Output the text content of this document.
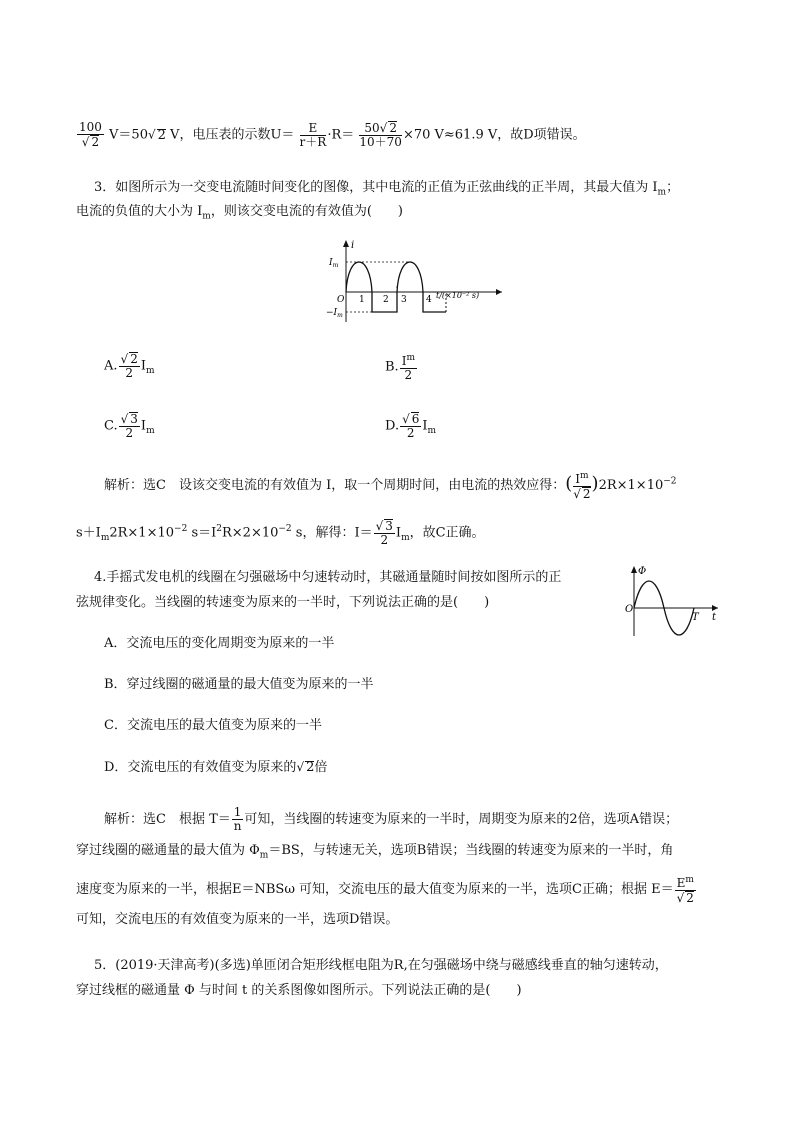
$\frac{100}{√ 2} V=50√$ 2 V，电压表的示数$U= \frac{E}{r+R} \cdot R= \frac{50√ 2}{10+70} \times 70$ V≈61.9 V，故D项错误。
3．如图所示为一交变电流随时间变化的图像，其中电流的正值为正弦曲线的正半周，其最大值为 $I_m$；
电流的负值的大小为 $I_m$，则该交变电流的有效值为(　　)
i
$I_m$
$-I_m$
O 1 2 3 4 t/(×10⁻² s)
A. $\frac{√ 2}{2} I_m$	B. $\frac{I^m}{2}$
C. $\frac{√ 3}{2} I_m$	D. $\frac{√ 6}{2} I_m$
解析：选C　设该交变电流的有效值为 I，取一个周期时间，由电流的热效应得：( $\frac{I^m}{√ 2} )2R\times 1\times 10^{-2}$
$s+I_m2R\times 1\times 10^{-2}$ $s=I^2R\times 2\times 10^{-2}$ s，解得：$I= \frac{√ 3}{2} I_m$，故C正确。
4.手摇式发电机的线圈在匀强磁场中匀速转动时，其磁通量随时间按如图所示的正
弦规律变化。当线圈的转速变为原来的一半时，下列说法正确的是(　　)
Φ
O
T t
A．交流电压的变化周期变为原来的一半
B．穿过线圈的磁通量的最大值变为原来的一半
C．交流电压的最大值变为原来的一半
D．交流电压的有效值变为原来的√ 2倍
解析：选C　根据 $T= \frac{1}{n}$ 可知，当线圈的转速变为原来的一半时，周期变为原来的2倍，选项A错误；
穿过线圈的磁通量的最大值为 $\Phi_m=BS$，与转速无关，选项B错误；当线圈的转速变为原来的一半时，角
速度变为原来的一半，根据E＝NBSω 可知，交流电压的最大值变为原来的一半，选项C正确；根据 $E= \frac{E^m}{√ 2}$
可知，交流电压的有效值变为原来的一半，选项D错误。
5．(2019·天津高考)(多选)单匝闭合矩形线框电阻为R,在匀强磁场中绕与磁感线垂直的轴匀速转动，
穿过线框的磁通量 Φ 与时间 t 的关系图像如图所示。下列说法正确的是(　　)
